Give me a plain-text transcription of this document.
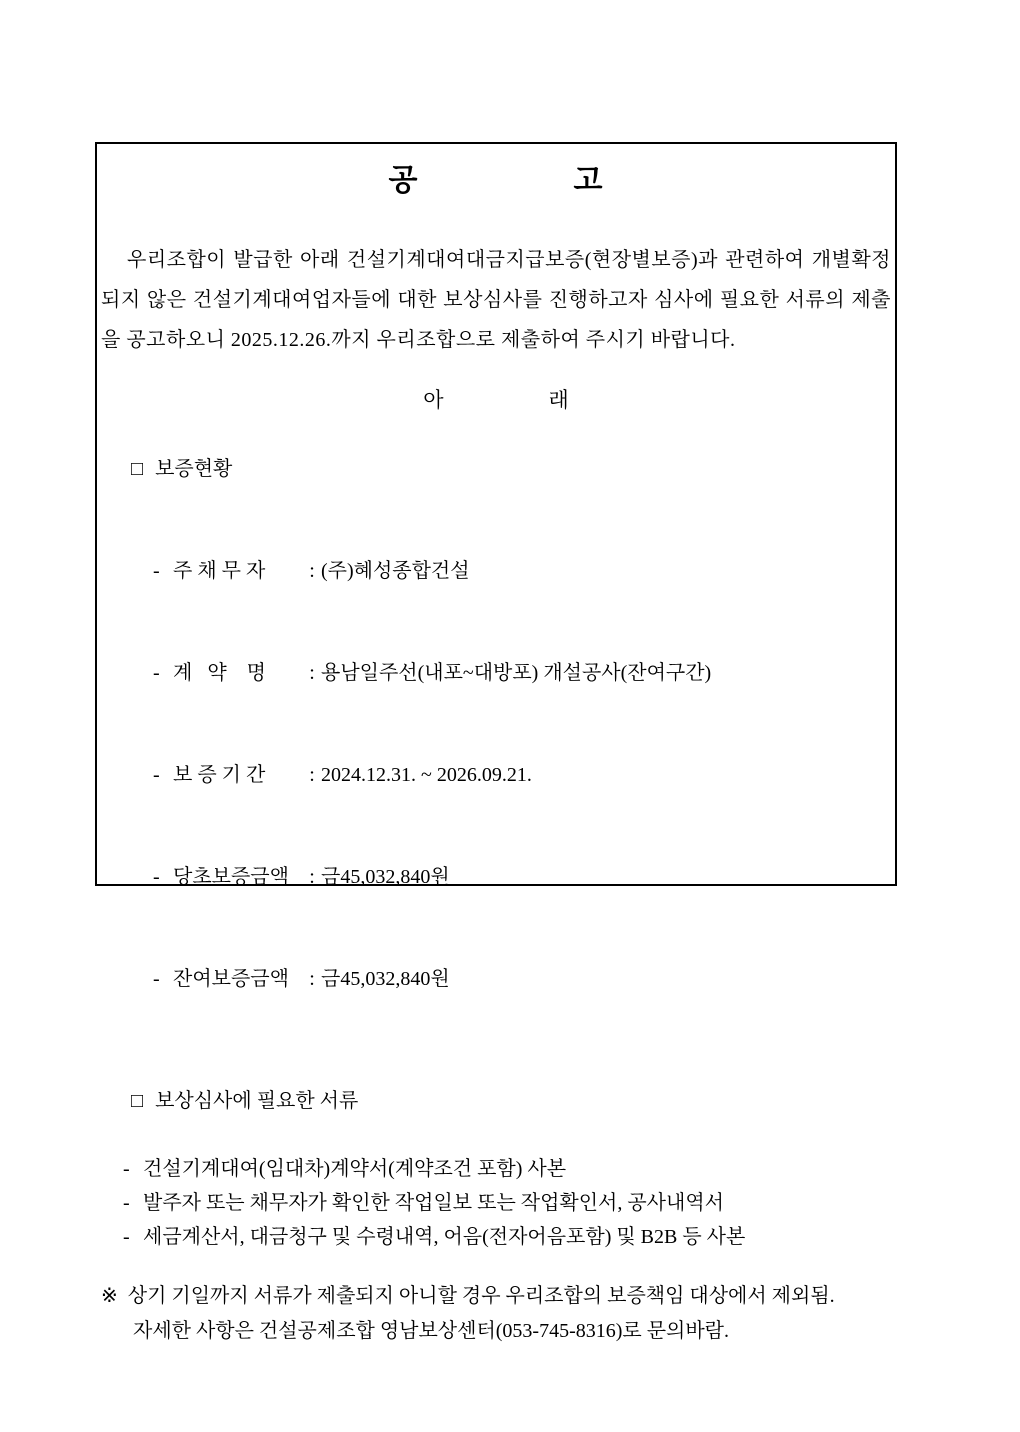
공　　　　　고
우리조합이 발급한 아래 건설기계대여대금지급보증(현장별보증)과 관련하여 개별확정되지 않은 건설기계대여업자들에 대한 보상심사를 진행하고자 심사에 필요한 서류의 제출을 공고하오니 2025.12.26.까지 우리조합으로 제출하여 주시기 바랍니다.
아　　　　　래

□ 보증현황

- 주 채 무 자 : (주)혜성종합건설

- 계   약    명 : 용남일주선(내포~대방포) 개설공사(잔여구간)

- 보 증 기 간 : 2024.12.31. ~ 2026.09.21.

- 당초보증금액 : 금45,032,840원

- 잔여보증금액 : 금45,032,840원

□ 보상심사에 필요한 서류

- 건설기계대여(임대차)계약서(계약조건 포함) 사본
- 발주자 또는 채무자가 확인한 작업일보 또는 작업확인서, 공사내역서
- 세금계산서, 대금청구 및 수령내역, 어음(전자어음포함) 및 B2B 등 사본
※ 상기 기일까지 서류가 제출되지 아니할 경우 우리조합의 보증책임 대상에서 제외됨.
자세한 사항은 건설공제조합 영남보상센터(053-745-8316)로 문의바람.
